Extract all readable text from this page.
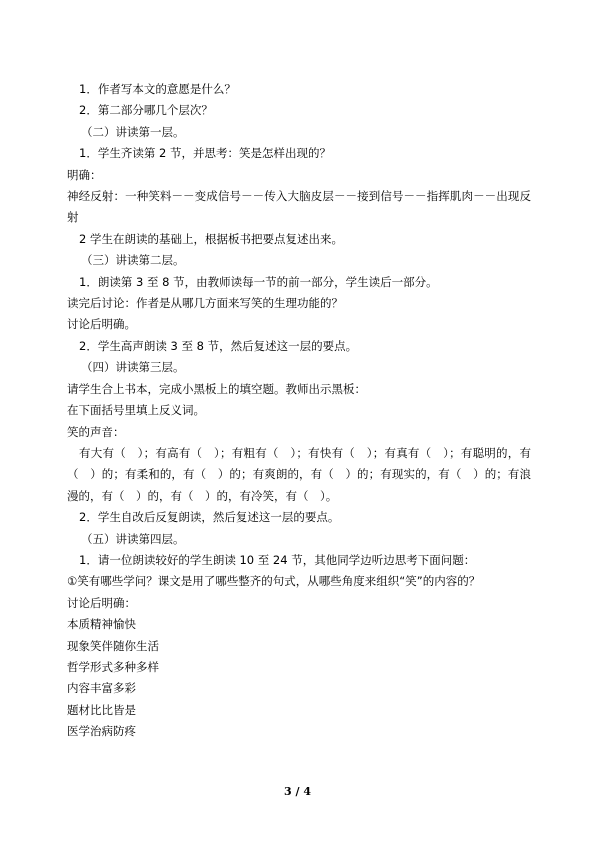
1．作者写本文的意愿是什么？

2．第二部分哪几个层次？

（二）讲读第一层。

1．学生齐读第 2 节，并思考：笑是怎样出现的？

明确：

神经反射：一种笑料－－变成信号－－传入大脑皮层－－接到信号－－指挥肌肉－－出现反射

2 学生在朗读的基础上，根据板书把要点复述出来。

（三）讲读第二层。

1．朗读第 3 至 8 节，由教师读每一节的前一部分，学生读后一部分。

读完后讨论：作者是从哪几方面来写笑的生理功能的？

讨论后明确。

2．学生高声朗读 3 至 8 节，然后复述这一层的要点。

（四）讲读第三层。

请学生合上书本，完成小黑板上的填空题。教师出示黑板：

在下面括号里填上反义词。

笑的声音：

有大有（　）；有高有（　）；有粗有（　）；有快有（　）；有真有（　）；有聪明的，有（　）的；有柔和的，有（　）的；有爽朗的，有（　）的；有现实的，有（　）的；有浪漫的，有（　）的，有（　）的，有冷笑，有（　）。

2．学生自改后反复朗读，然后复述这一层的要点。

（五）讲读第四层。

1．请一位朗读较好的学生朗读 10 至 24 节，其他同学边听边思考下面问题：

①笑有哪些学问？课文是用了哪些整齐的句式，从哪些角度来组织“笑”的内容的？

讨论后明确：

本质精神愉快

现象笑伴随你生活

哲学形式多种多样

内容丰富多彩

题材比比皆是

医学治病防疼

3 / 4
